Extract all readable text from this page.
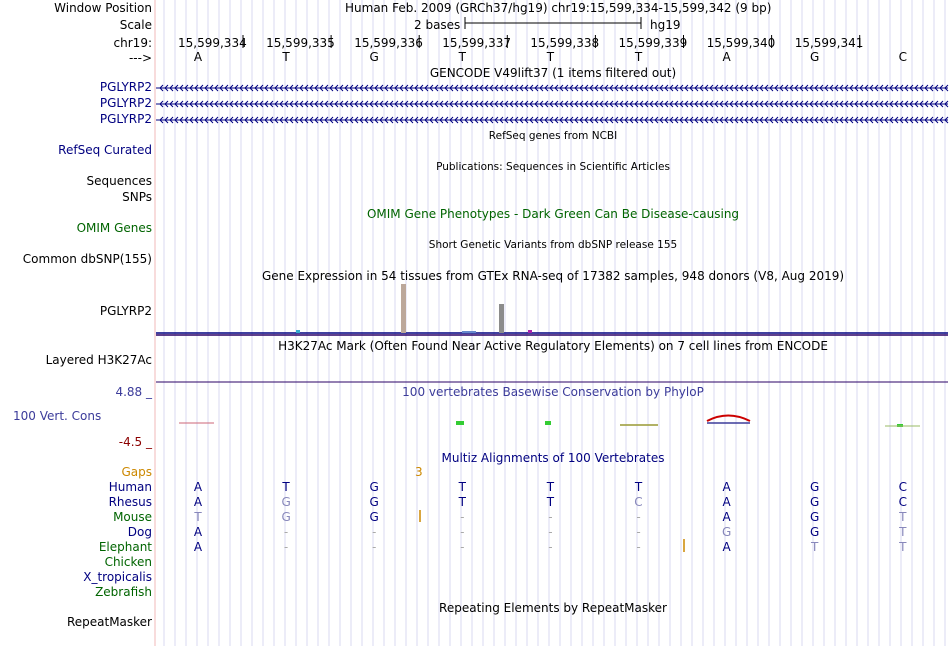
Window Position	Human Feb. 2009 (GRCh37/hg19) chr19:15,599,334-15,599,342 (9 bp)
Scale	2 bases	hg19
chr19: 15,599,334 15,599,335 15,599,336 15,599,337 15,599,338 15,599,339 15,599,340 15,599,341
--->	A	T	G	T	T	T	A	G	C
GENCODE V49lift37 (1 items filtered out)
PGLYRP2
PGLYRP2
PGLYRP2
RefSeq genes from NCBI
RefSeq Curated
Publications: Sequences in Scientific Articles
Sequences
SNPs
OMIM Gene Phenotypes - Dark Green Can Be Disease-causing
OMIM Genes
Short Genetic Variants from dbSNP release 155
Common dbSNP(155)
Gene Expression in 54 tissues from GTEx RNA-seq of 17382 samples, 948 donors (V8, Aug 2019)
PGLYRP2
H3K27Ac Mark (Often Found Near Active Regulatory Elements) on 7 cell lines from ENCODE
Layered H3K27Ac
4.88 _	100 vertebrates Basewise Conservation by PhyloP
100 Vert. Cons
-4.5 _
Multiz Alignments of 100 Vertebrates
Gaps	3
Human	A	T	G	T	T	T	A	G	C
Rhesus	A	G	G	T	T	C	A	G	C
Mouse	T	G	G	-	-	-	A	G	T
Dog	A	-	-	-	-	-	G	G	T
Elephant	A	-	-	-	-	-	A	T	T
Chicken
X_tropicalis
Zebrafish
Repeating Elements by RepeatMasker
RepeatMasker
